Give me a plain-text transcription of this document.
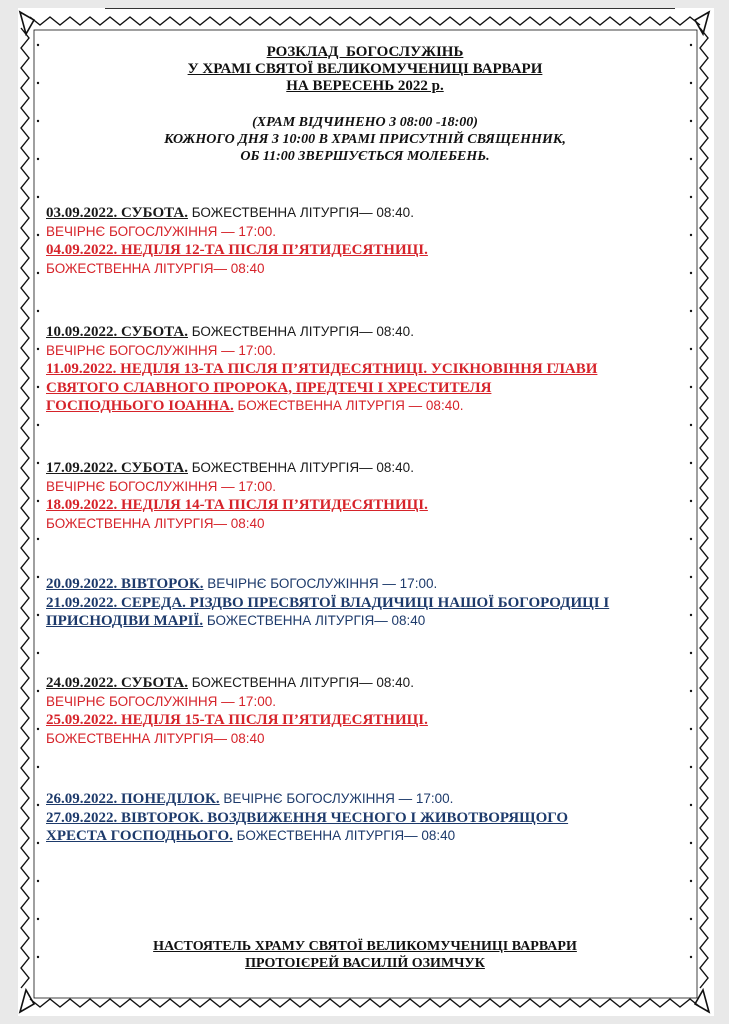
РОЗКЛАД  БОГОСЛУЖІНЬ
У ХРАМІ СВЯТОЇ ВЕЛИКОМУЧЕНИЦІ ВАРВАРИ
НА ВЕРЕСЕНЬ 2022 р.
(ХРАМ ВІДЧИНЕНО З 08:00 -18:00)
КОЖНОГО ДНЯ З 10:00 В ХРАМІ ПРИСУТНІЙ СВЯЩЕННИК,
ОБ 11:00 ЗВЕРШУЄТЬСЯ МОЛЕБЕНЬ.

03.09.2022. СУБОТА. БОЖЕСТВЕННА ЛІТУРГІЯ— 08:40.

ВЕЧІРНЄ БОГОСЛУЖІННЯ — 17:00.

04.09.2022. НЕДІЛЯ 12-ТА ПІСЛЯ П’ЯТИДЕСЯТНИЦІ.

БОЖЕСТВЕННА ЛІТУРГІЯ— 08:40

10.09.2022. СУБОТА. БОЖЕСТВЕННА ЛІТУРГІЯ— 08:40.

ВЕЧІРНЄ БОГОСЛУЖІННЯ — 17:00.

11.09.2022. НЕДІЛЯ 13-ТА ПІСЛЯ П’ЯТИДЕСЯТНИЦІ. УСІКНОВІННЯ ГЛАВИ

СВЯТОГО СЛАВНОГО ПРОРОКА, ПРЕДТЕЧІ І ХРЕСТИТЕЛЯ

ГОСПОДНЬОГО ІОАННА. БОЖЕСТВЕННА ЛІТУРГІЯ — 08:40.

17.09.2022. СУБОТА. БОЖЕСТВЕННА ЛІТУРГІЯ— 08:40.

ВЕЧІРНЄ БОГОСЛУЖІННЯ — 17:00.

18.09.2022. НЕДІЛЯ 14-ТА ПІСЛЯ П’ЯТИДЕСЯТНИЦІ.

БОЖЕСТВЕННА ЛІТУРГІЯ— 08:40

20.09.2022. ВІВТОРОК. ВЕЧІРНЄ БОГОСЛУЖІННЯ — 17:00.

21.09.2022. СЕРЕДА. РІЗДВО ПРЕСВЯТОЇ ВЛАДИЧИЦІ НАШОЇ БОГОРОДИЦІ І

ПРИСНОДІВИ МАРІЇ. БОЖЕСТВЕННА ЛІТУРГІЯ— 08:40

24.09.2022. СУБОТА. БОЖЕСТВЕННА ЛІТУРГІЯ— 08:40.

ВЕЧІРНЄ БОГОСЛУЖІННЯ — 17:00.

25.09.2022. НЕДІЛЯ 15-ТА ПІСЛЯ П’ЯТИДЕСЯТНИЦІ.

БОЖЕСТВЕННА ЛІТУРГІЯ— 08:40

26.09.2022. ПОНЕДІЛОК. ВЕЧІРНЄ БОГОСЛУЖІННЯ — 17:00.

27.09.2022. ВІВТОРОК. ВОЗДВИЖЕННЯ ЧЕСНОГО І ЖИВОТВОРЯЩОГО

ХРЕСТА ГОСПОДНЬОГО. БОЖЕСТВЕННА ЛІТУРГІЯ— 08:40

НАСТОЯТЕЛЬ ХРАМУ СВЯТОЇ ВЕЛИКОМУЧЕНИЦІ ВАРВАРИ
ПРОТОІЄРЕЙ ВАСИЛІЙ ОЗИМЧУК
